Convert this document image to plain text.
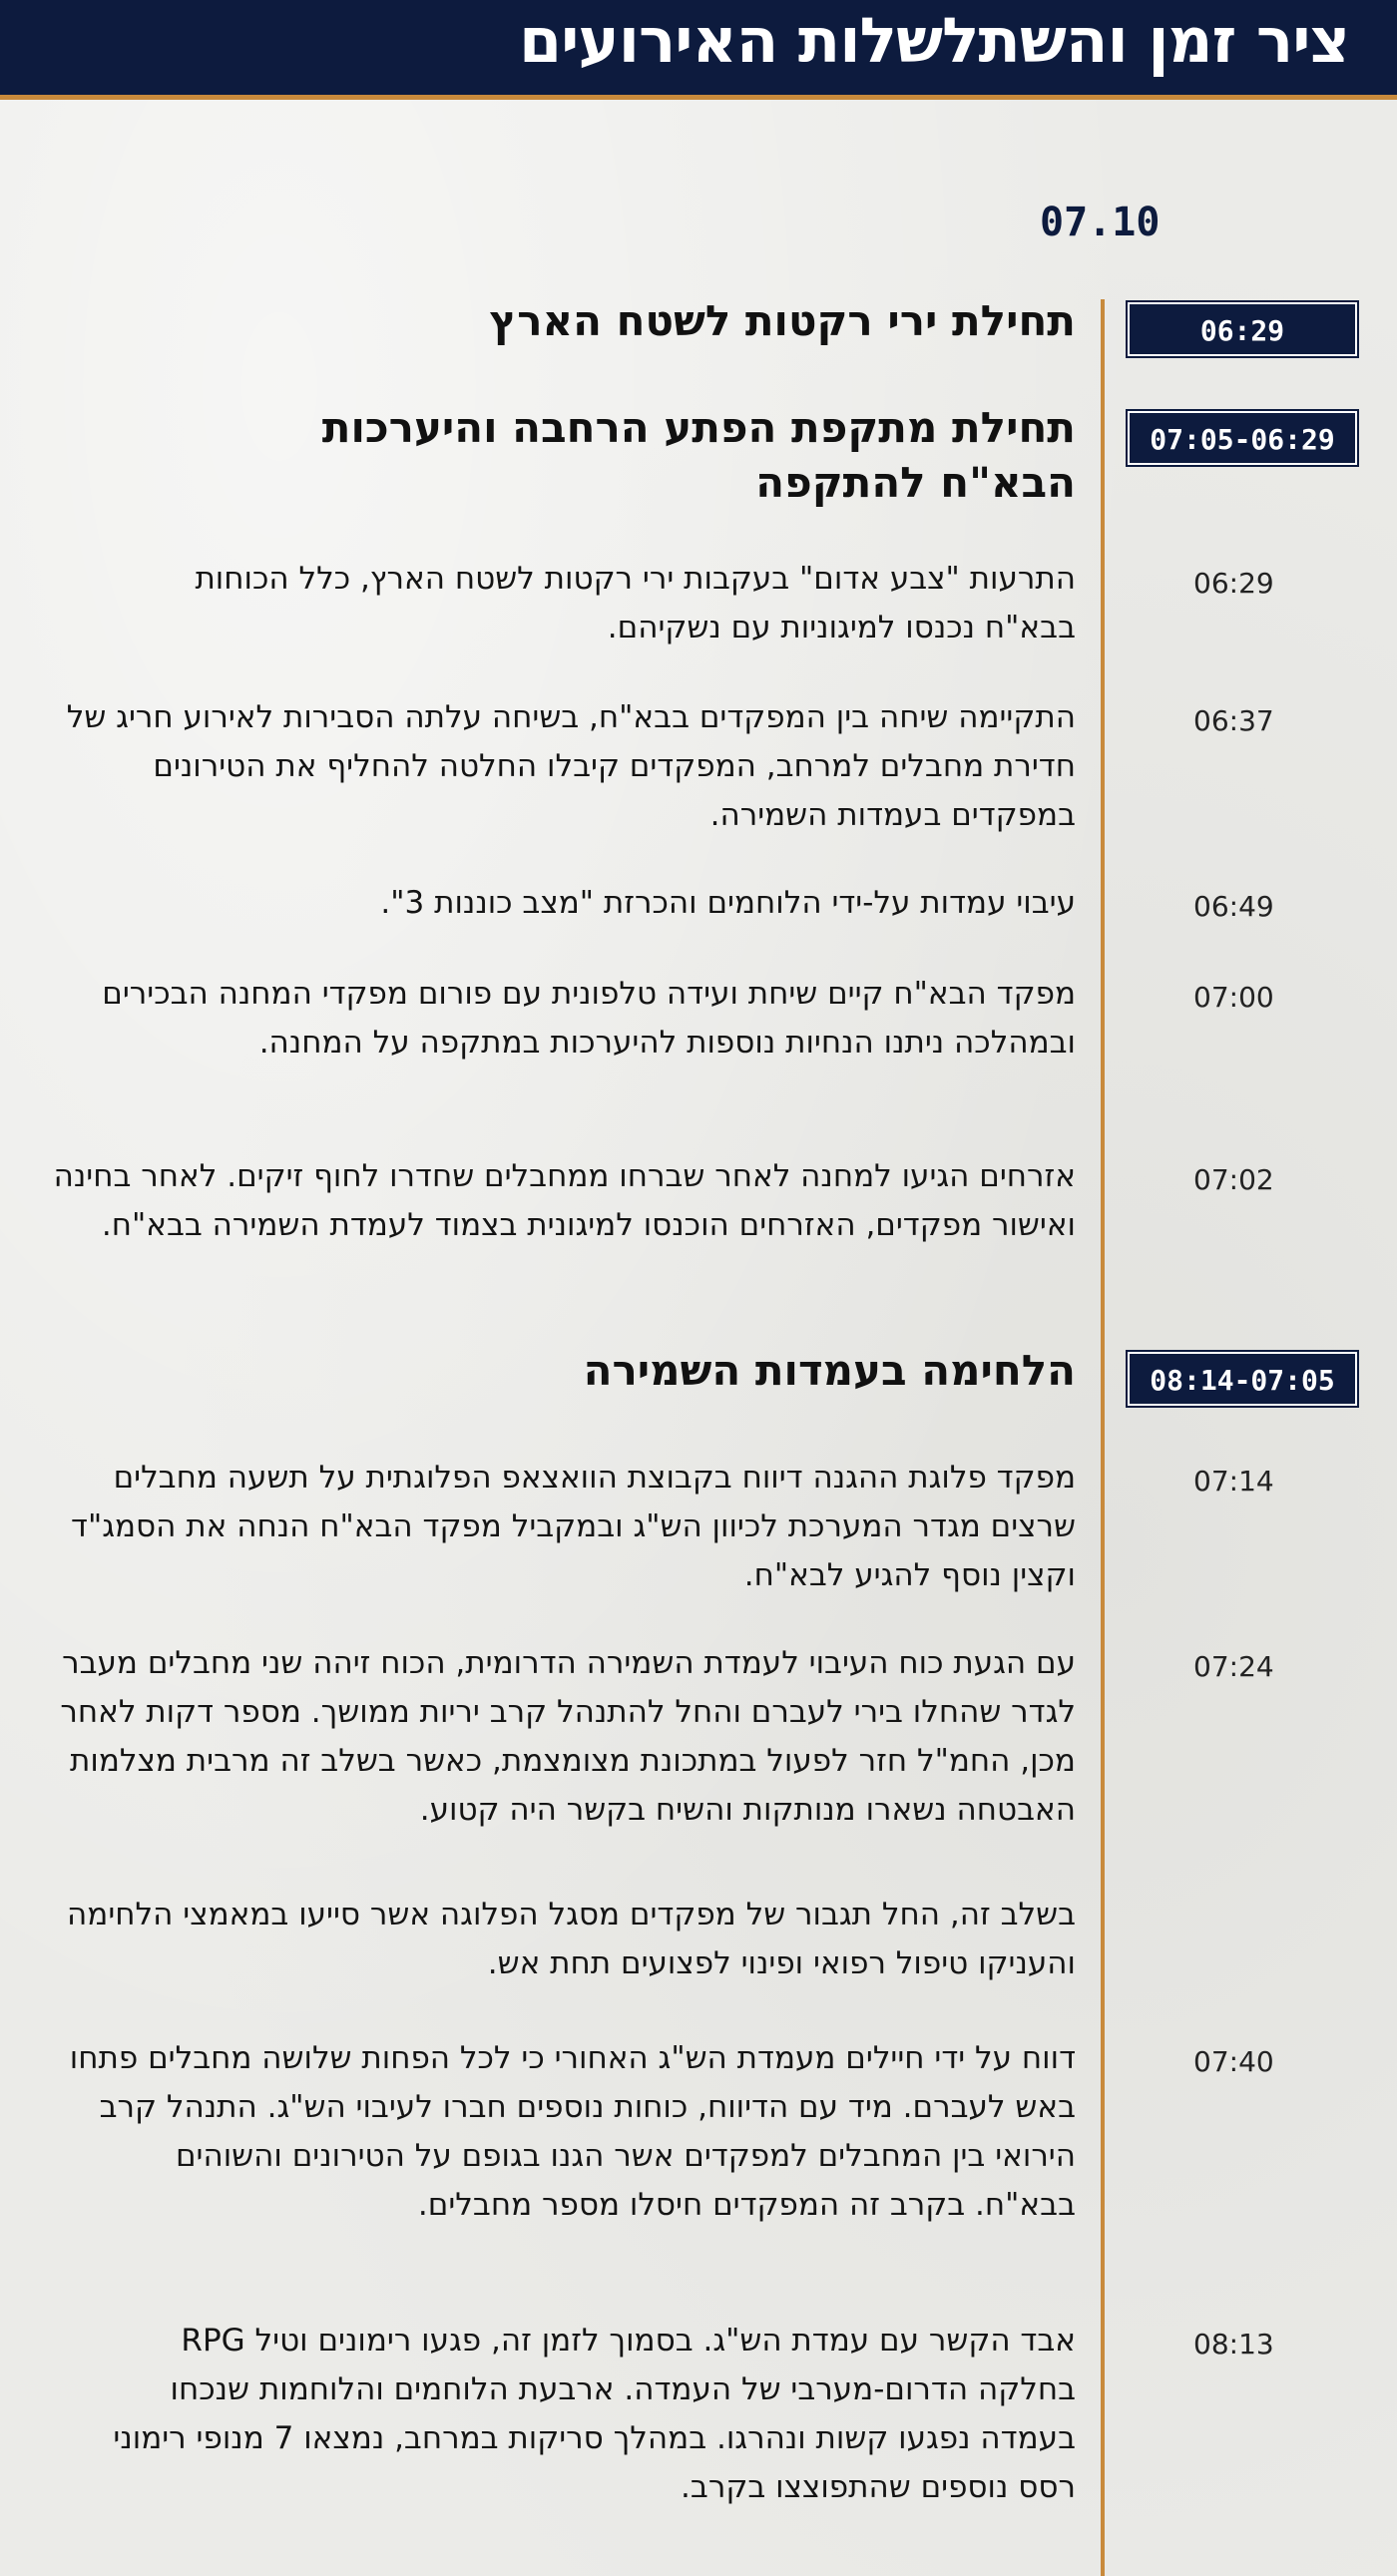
ציר זמן והשתלשלות האירועים
07.10
06:29
תחילת ירי רקטות לשטח הארץ
07:05-06:29
תחילת מתקפת הפתע הרחבה והיערכות הבא"ח להתקפה
06:29
התרעות "צבע אדום" בעקבות ירי רקטות לשטח הארץ, כלל הכוחות בבא"ח נכנסו למיגוניות עם נשקיהם.
06:37
התקיימה שיחה בין המפקדים בבא"ח, בשיחה עלתה הסבירות לאירוע חריג של חדירת מחבלים למרחב, המפקדים קיבלו החלטה להחליף את הטירונים במפקדים בעמדות השמירה.
06:49
עיבוי עמדות על-ידי הלוחמים והכרזת "מצב כוננות 3".
07:00
מפקד הבא"ח קיים שיחת ועידה טלפונית עם פורום מפקדי המחנה הבכירים ובמהלכה ניתנו הנחיות נוספות להיערכות במתקפה על המחנה.
07:02
אזרחים הגיעו למחנה לאחר שברחו ממחבלים שחדרו לחוף זיקים. לאחר בחינה ואישור מפקדים, האזרחים הוכנסו למיגונית בצמוד לעמדת השמירה בבא"ח.
08:14-07:05
הלחימה בעמדות השמירה
07:14
מפקד פלוגת ההגנה דיווח בקבוצת הוואצאפ הפלוגתית על תשעה מחבלים שרצים מגדר המערכת לכיוון הש"ג ובמקביל מפקד הבא"ח הנחה את הסמג"ד וקצין נוסף להגיע לבא"ח.
07:24
עם הגעת כוח העיבוי לעמדת השמירה הדרומית, הכוח זיהה שני מחבלים מעבר לגדר שהחלו בירי לעברם והחל להתנהל קרב יריות ממושך. מספר דקות לאחר מכן, החמ"ל חזר לפעול במתכונת מצומצמת, כאשר בשלב זה מרבית מצלמות האבטחה נשארו מנותקות והשיח בקשר היה קטוע.
בשלב זה, החל תגבור של מפקדים מסגל הפלוגה אשר סייעו במאמצי הלחימה והעניקו טיפול רפואי ופינוי לפצועים תחת אש.
07:40
דווח על ידי חיילים מעמדת הש"ג האחורי כי לכל הפחות שלושה מחבלים פתחו באש לעברם. מיד עם הדיווח, כוחות נוספים חברו לעיבוי הש"ג. התנהל קרב הירואי בין המחבלים למפקדים אשר הגנו בגופם על הטירונים והשוהים בבא"ח. בקרב זה המפקדים חיסלו מספר מחבלים.
08:13
אבד הקשר עם עמדת הש"ג. בסמוך לזמן זה, פגעו רימונים וטיל RPG בחלקה הדרום-מערבי של העמדה. ארבעת הלוחמים והלוחמות שנכחו בעמדה נפגעו קשות ונהרגו. במהלך סריקות במרחב, נמצאו 7 מנופי רימוני רסס נוספים שהתפוצצו בקרב.
